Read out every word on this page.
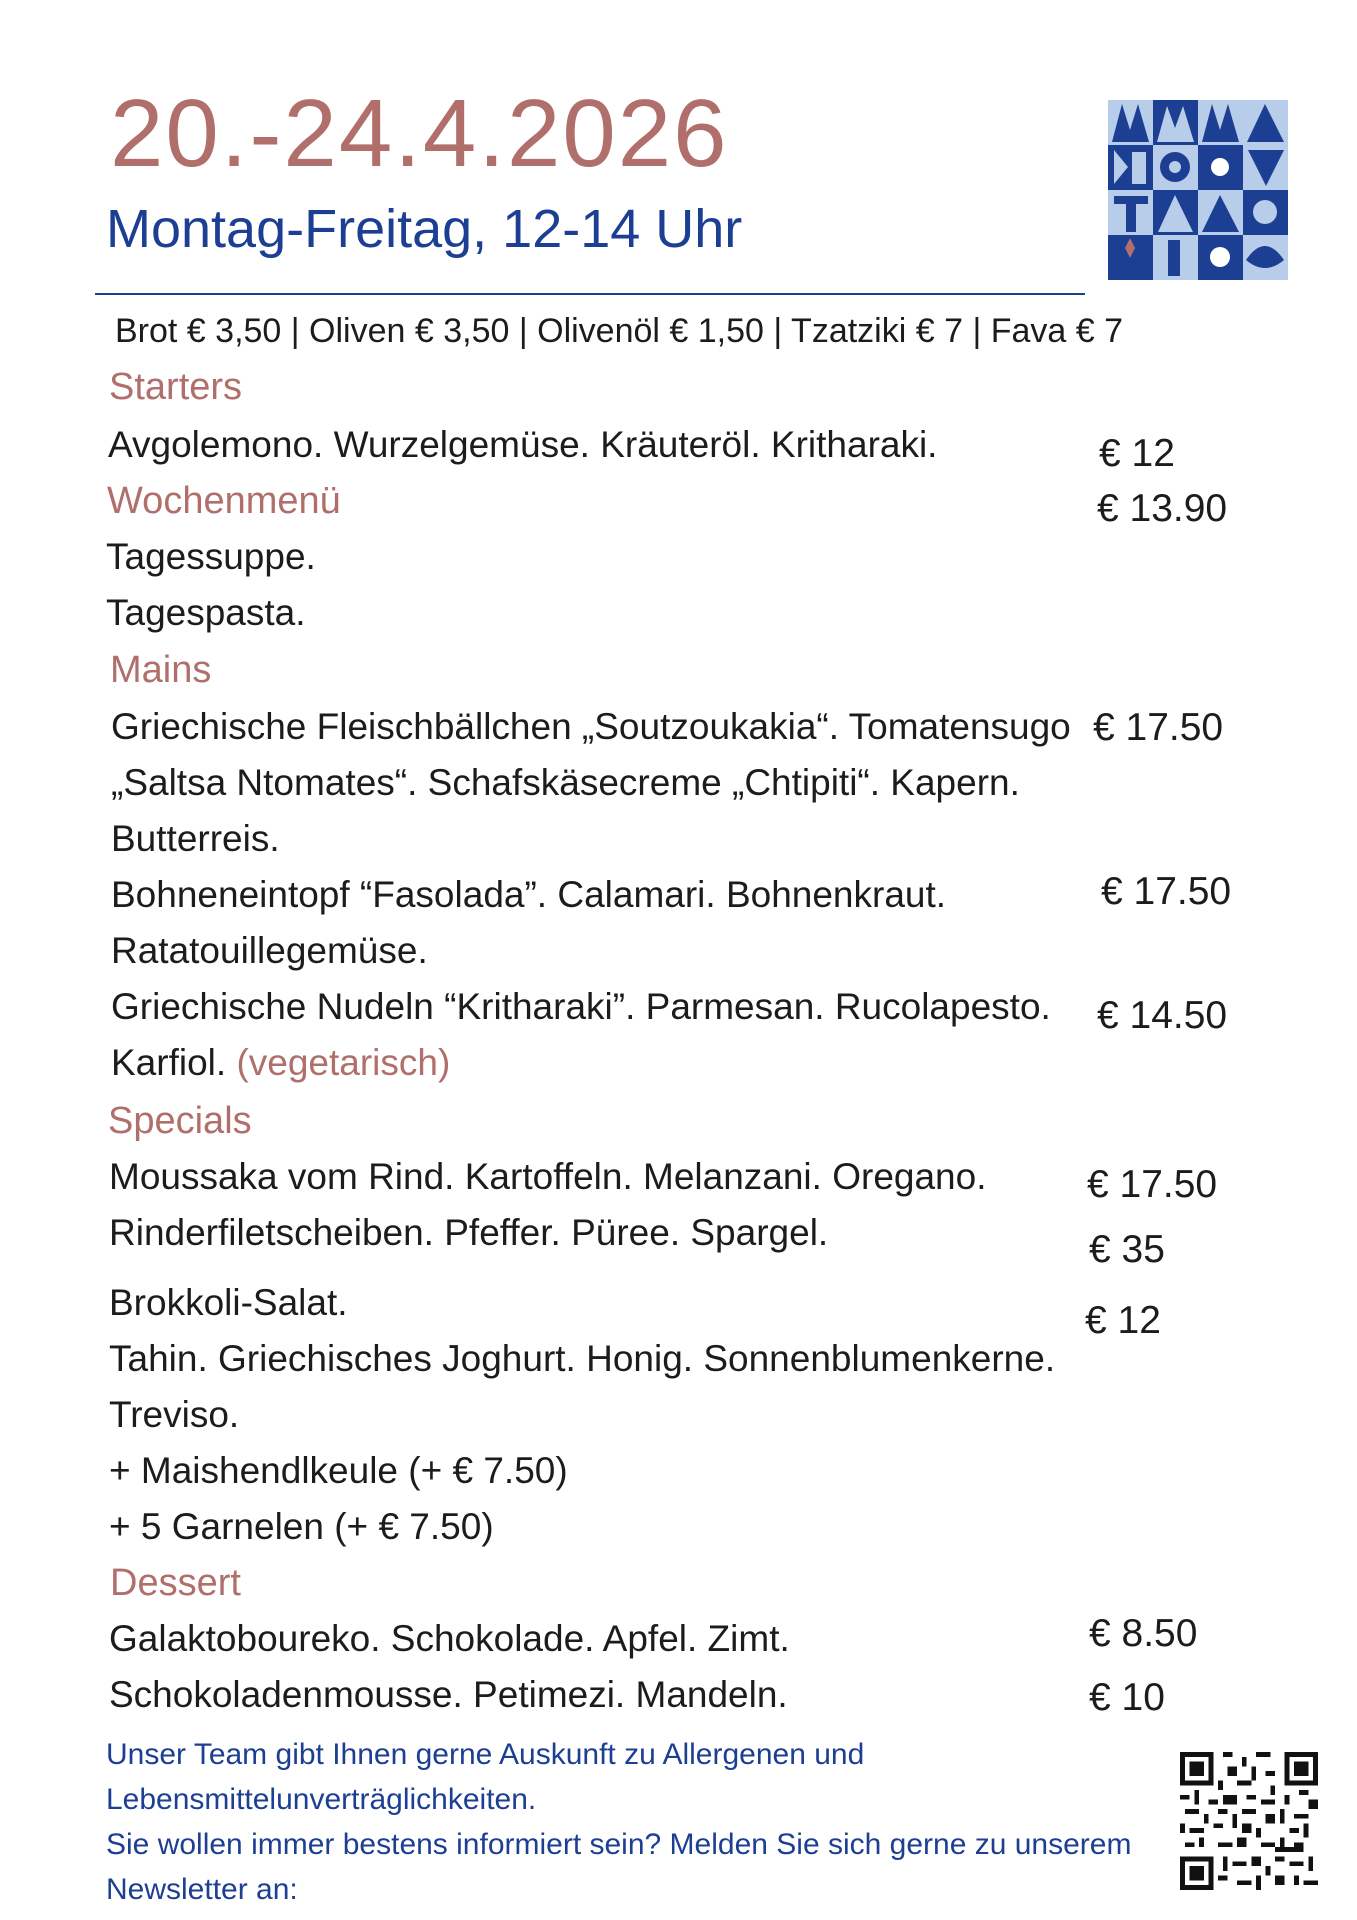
20.-24.4.2026
Montag-Freitag, 12-14 Uhr
Brot € 3,50 | Oliven € 3,50 | Olivenöl € 1,50 | Tzatziki € 7 | Fava € 7
Starters
Avgolemono. Wurzelgemüse. Kräuteröl. Kritharaki.	€ 12
Wochenmenü	€ 13.90
Tagessuppe.
Tagespasta.
Mains
Griechische Fleischbällchen „Soutzoukakia“. Tomatensugo € 17.50
„Saltsa Ntomates“. Schafskäsecreme „Chtipiti“. Kapern.
Butterreis.
Bohneneintopf “Fasolada”. Calamari. Bohnenkraut.	€ 17.50
Ratatouillegemüse.
Griechische Nudeln “Kritharaki”. Parmesan. Rucolapesto. € 14.50
Karfiol. (vegetarisch)
Specials
Moussaka vom Rind. Kartoffeln. Melanzani. Oregano.	€ 17.50
Rinderfiletscheiben. Pfeffer. Püree. Spargel.	€ 35
Brokkoli-Salat.	€ 12
Tahin. Griechisches Joghurt. Honig. Sonnenblumenkerne.
Treviso.
+ Maishendlkeule (+ € 7.50)
+ 5 Garnelen (+ € 7.50)
Dessert
Galaktoboureko. Schokolade. Apfel. Zimt.	€ 8.50
Schokoladenmousse. Petimezi. Mandeln.	€ 10
Unser Team gibt Ihnen gerne Auskunft zu Allergenen und
Lebensmittelunverträglichkeiten.
Sie wollen immer bestens informiert sein? Melden Sie sich gerne zu unserem
Newsletter an:
